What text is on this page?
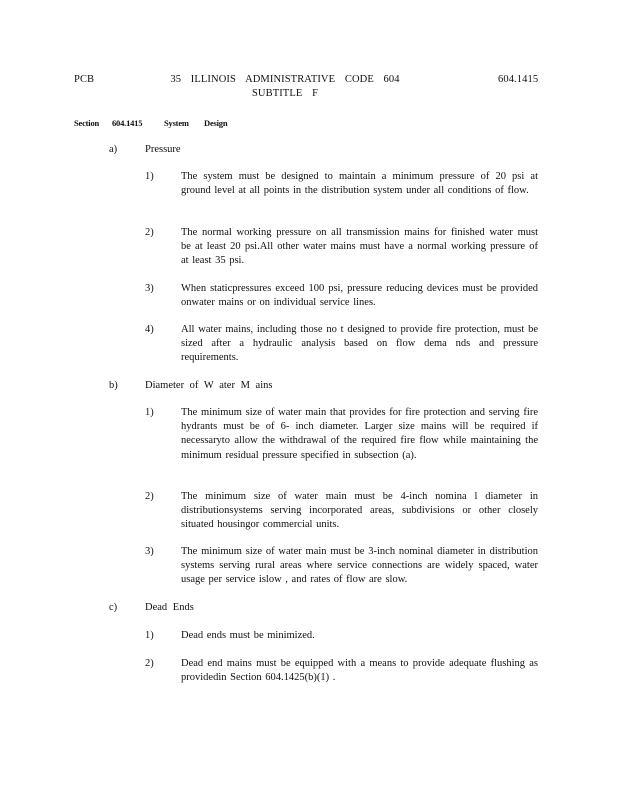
PCB	35 ILLINOIS ADMINISTRATIVE CODE 604
SUBTITLE F
604.1415
Section 604.1415	System Design
a)	Pressure
1)	The system must be designed to maintain a minimum pressure of 20 psi at ground level at all points in the distribution system under all conditions of flow.
2)	The normal working pressure on all transmission mains for finished water must be at least 20 psi.All other water mains must have a normal working pressure of at least 35 psi.
3)	When staticpressures exceed 100 psi, pressure reducing devices must be provided onwater mains or on individual service lines.
4)	All water mains, including those no t designed to provide fire protection, must be sized after a hydraulic analysis based on flow dema nds and pressure requirements.
b)	Diameter of W ater M ains
1)	The minimum size of water main that provides for fire protection and serving fire hydrants must be of 6- inch diameter. Larger size mains will be required if necessaryto allow the withdrawal of the required fire flow while maintaining the minimum residual pressure specified in subsection (a).
2)	The minimum size of water main must be 4-inch nomina l diameter in distributionsystems serving incorporated areas, subdivisions or other closely situated housingor commercial units.
3)	The minimum size of water main must be 3-inch nominal diameter in distribution systems serving rural areas where service connections are widely spaced, water usage per service islow , and rates of flow are slow.
c)	Dead Ends
1)	Dead ends must be minimized.
2)	Dead end mains must be equipped with a means to provide adequate flushing as providedin Section 604.1425(b)(1) .
